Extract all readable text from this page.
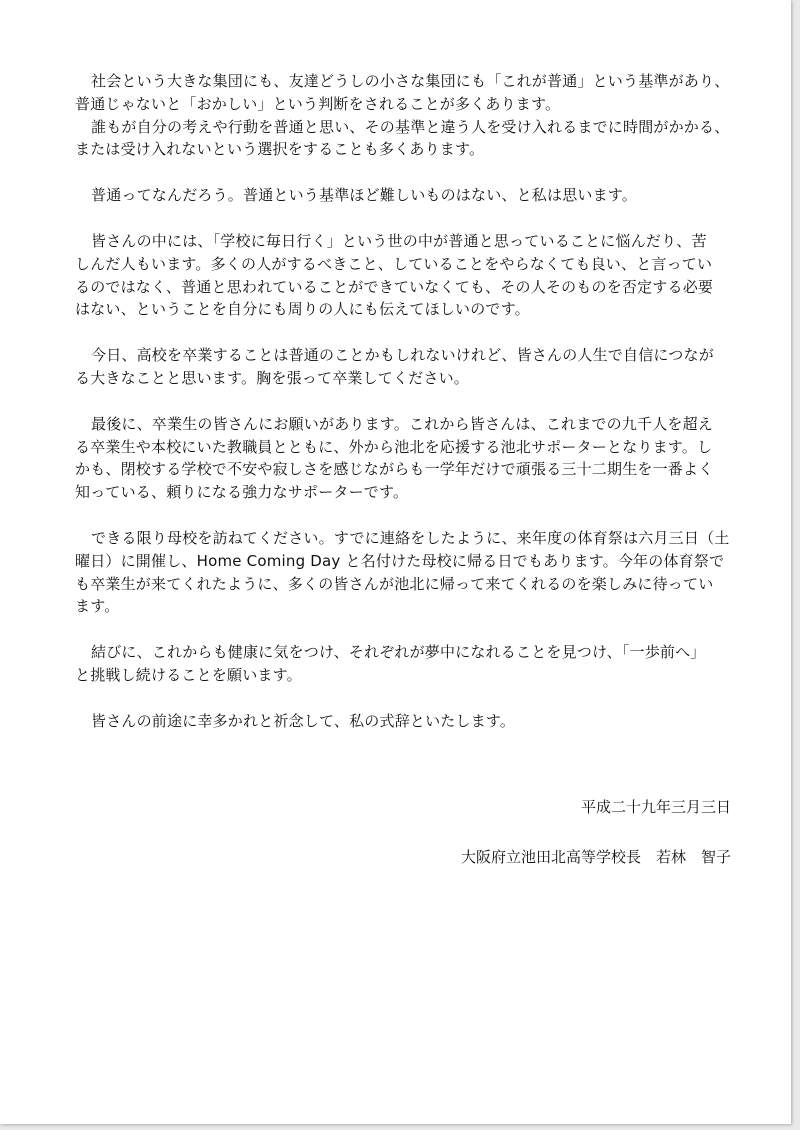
社会という大きな集団にも、友達どうしの小さな集団にも「これが普通」という基準があり、
普通じゃないと「おかしい」という判断をされることが多くあります。
誰もが自分の考えや行動を普通と思い、その基準と違う人を受け入れるまでに時間がかかる、
または受け入れないという選択をすることも多くあります。

普通ってなんだろう。普通という基準ほど難しいものはない、と私は思います。

皆さんの中には、「学校に毎日行く」という世の中が普通と思っていることに悩んだり、苦
しんだ人もいます。多くの人がするべきこと、していることをやらなくても良い、と言ってい
るのではなく、普通と思われていることができていなくても、その人そのものを否定する必要
はない、ということを自分にも周りの人にも伝えてほしいのです。

今日、高校を卒業することは普通のことかもしれないけれど、皆さんの人生で自信につなが
る大きなことと思います。胸を張って卒業してください。

最後に、卒業生の皆さんにお願いがあります。これから皆さんは、これまでの九千人を超え
る卒業生や本校にいた教職員とともに、外から池北を応援する池北サポーターとなります。し
かも、閉校する学校で不安や寂しさを感じながらも一学年だけで頑張る三十二期生を一番よく
知っている、頼りになる強力なサポーターです。

できる限り母校を訪ねてください。すでに連絡をしたように、来年度の体育祭は六月三日（土
曜日）に開催し、Home Coming Day と名付けた母校に帰る日でもあります。今年の体育祭で
も卒業生が来てくれたように、多くの皆さんが池北に帰って来てくれるのを楽しみに待ってい
ます。

結びに、これからも健康に気をつけ、それぞれが夢中になれることを見つけ、「一歩前へ」
と挑戦し続けることを願います。

皆さんの前途に幸多かれと祈念して、私の式辞といたします。

平成二十九年三月三日
大阪府立池田北高等学校長　 若林　智子
